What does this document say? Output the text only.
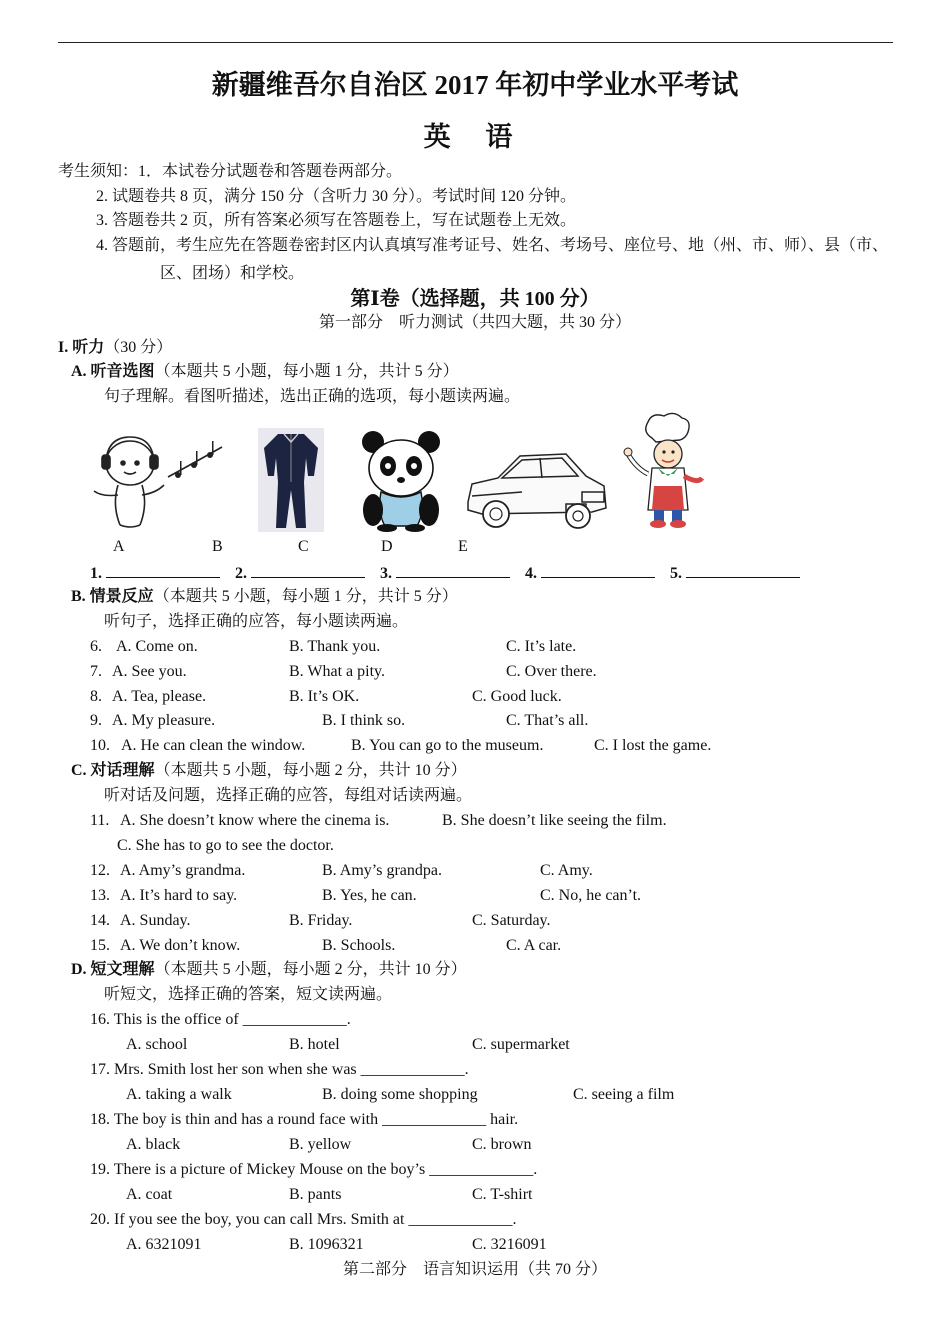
新疆维吾尔自治区 2017 年初中学业水平考试
英 语
考生须知：1．本试卷分试题卷和答题卷两部分。
2. 试题卷共 8 页，满分 150 分（含听力 30 分）。考试时间 120 分钟。
3. 答题卷共 2 页，所有答案必须写在答题卷上，写在试题卷上无效。
4. 答题前，考生应先在答题卷密封区内认真填写准考证号、姓名、考场号、座位号、地（州、市、师）、县（市、
区、团场）和学校。
第Ⅰ卷（选择题，共 100 分）
第一部分　听力测试（共四大题，共 30 分）
I. 听力（30 分）
A. 听音选图（本题共 5 小题，每小题 1 分，共计 5 分）
句子理解。看图听描述，选出正确的选项，每小题读两遍。
A	B	C	D	E
1.	2.	3.	4.	5.
B. 情景反应（本题共 5 小题，每小题 1 分，共计 5 分）
听句子，选择正确的应答，每小题读两遍。
6. A. Come on.	B. Thank you.	C. It’s late.
7. A. See you.	B. What a pity.	C. Over there.
8. A. Tea, please.	B. It’s OK.	C. Good luck.
9. A. My pleasure.	B. I think so.	C. That’s all.
10. A. He can clean the window.	B. You can go to the museum.	C. I lost the game.
C. 对话理解（本题共 5 小题，每小题 2 分，共计 10 分）
听对话及问题，选择正确的应答，每组对话读两遍。
11. A. She doesn’t know where the cinema is.	B. She doesn’t like seeing the film.
C. She has to go to see the doctor.
12. A. Amy’s grandma.	B. Amy’s grandpa.	C. Amy.
13. A. It’s hard to say.	B. Yes, he can.	C. No, he can’t.
14. A. Sunday.	B. Friday.	C. Saturday.
15. A. We don’t know.	B. Schools.	C. A car.
D. 短文理解（本题共 5 小题，每小题 2 分，共计 10 分）
听短文，选择正确的答案，短文读两遍。
16. This is the office of _____________.
A. school	B. hotel	C. supermarket
17. Mrs. Smith lost her son when she was _____________.
A. taking a walk	B. doing some shopping	C. seeing a film
18. The boy is thin and has a round face with _____________ hair.
A. black	B. yellow	C. brown
19. There is a picture of Mickey Mouse on the boy’s _____________.
A. coat	B. pants	C. T-shirt
20. If you see the boy, you can call Mrs. Smith at _____________.
A. 6321091	B. 1096321	C. 3216091
第二部分　语言知识运用（共 70 分）
